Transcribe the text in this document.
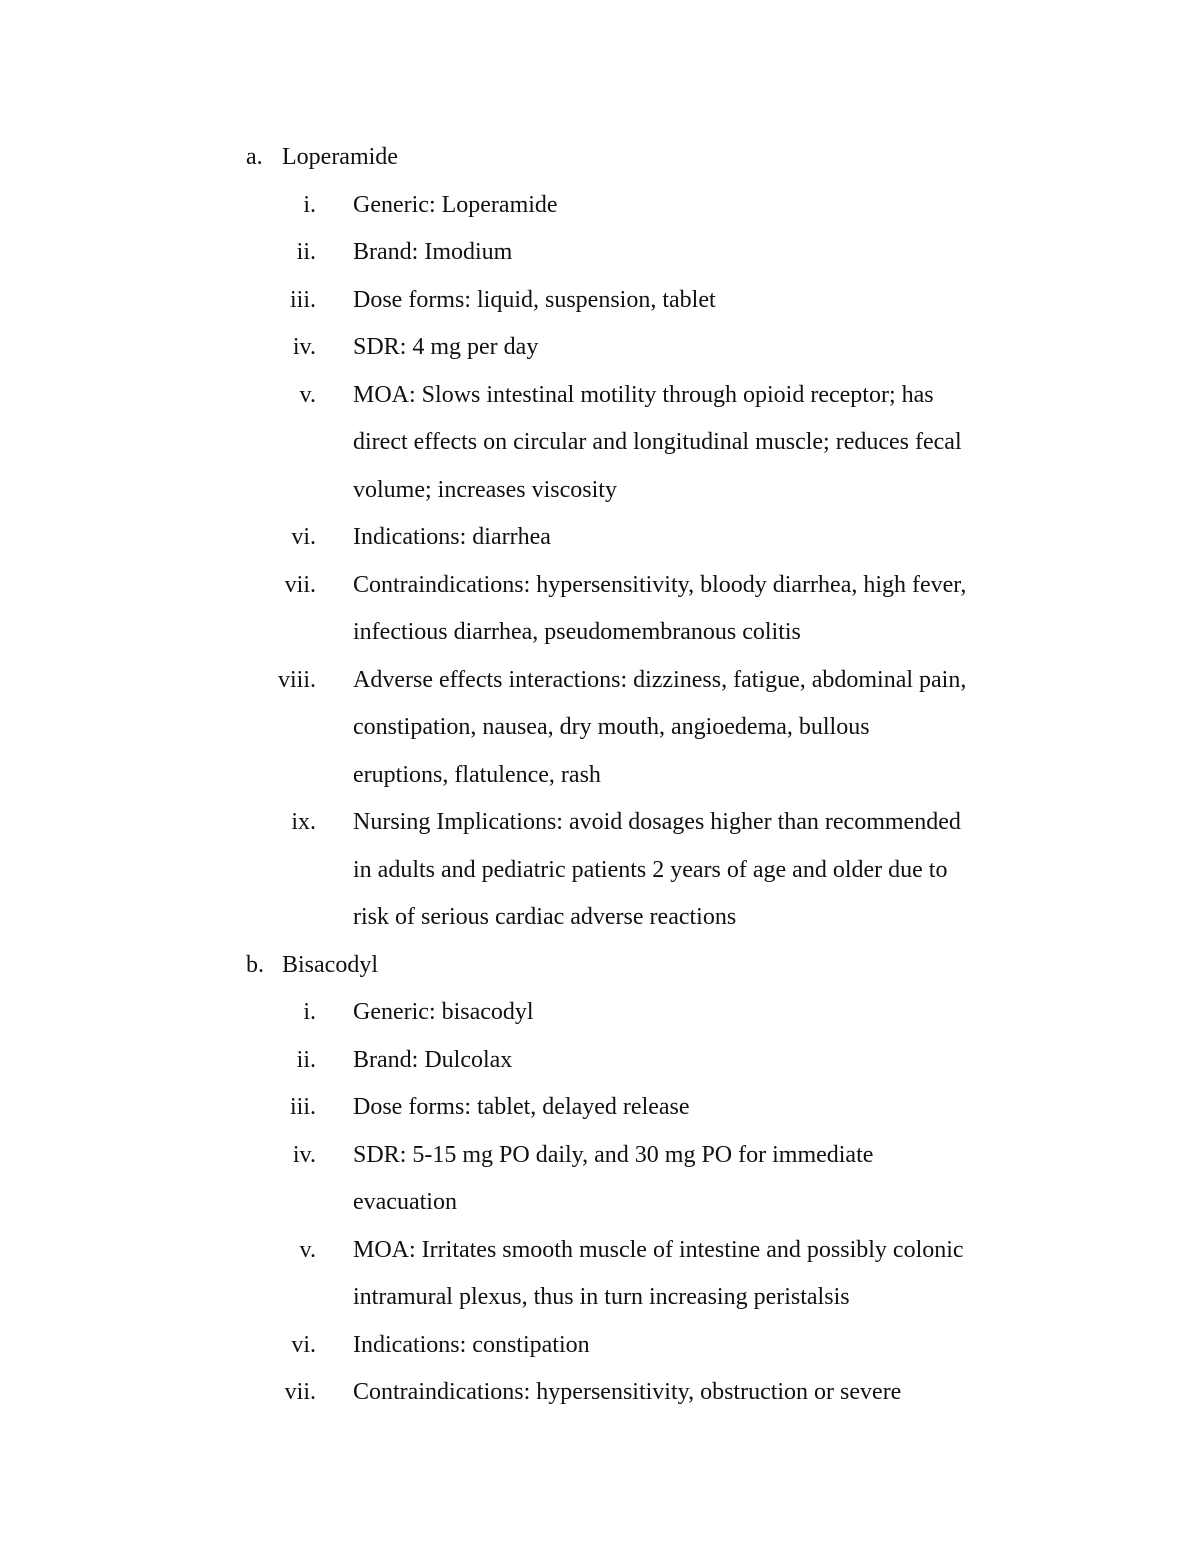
a. Loperamide
i. Generic: Loperamide
ii. Brand: Imodium
iii. Dose forms: liquid, suspension, tablet
iv. SDR: 4 mg per day
v. MOA: Slows intestinal motility through opioid receptor; has
direct effects on circular and longitudinal muscle; reduces fecal
volume; increases viscosity
vi. Indications: diarrhea
vii. Contraindications: hypersensitivity, bloody diarrhea, high fever,
infectious diarrhea, pseudomembranous colitis
viii. Adverse effects interactions: dizziness, fatigue, abdominal pain,
constipation, nausea, dry mouth, angioedema, bullous
eruptions, flatulence, rash
ix. Nursing Implications: avoid dosages higher than recommended
in adults and pediatric patients 2 years of age and older due to
risk of serious cardiac adverse reactions
b. Bisacodyl
i. Generic: bisacodyl
ii. Brand: Dulcolax
iii. Dose forms: tablet, delayed release
iv. SDR: 5-15 mg PO daily, and 30 mg PO for immediate
evacuation
v. MOA: Irritates smooth muscle of intestine and possibly colonic
intramural plexus, thus in turn increasing peristalsis
vi. Indications: constipation
vii. Contraindications: hypersensitivity, obstruction or severe
